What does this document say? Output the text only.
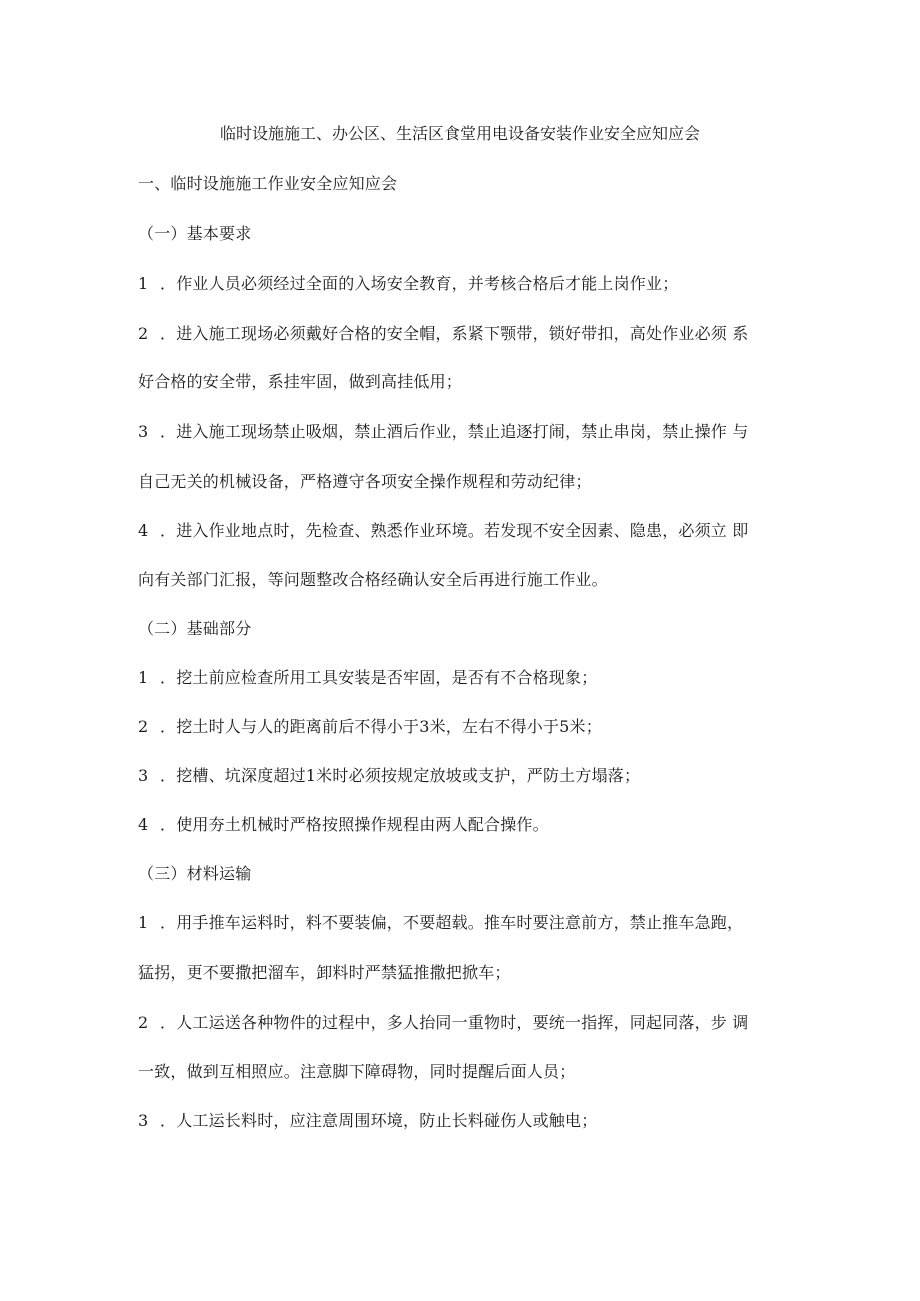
临时设施施工、办公区、生活区食堂用电设备安装作业安全应知应会
一、临时设施施工作业安全应知应会
（一）基本要求
1 ．作业人员必须经过全面的入场安全教育，并考核合格后才能上岗作业；
2 ．进入施工现场必须戴好合格的安全帽，系紧下颚带，锁好带扣，高处作业必须 系
好合格的安全带，系挂牢固，做到高挂低用；
3 ．进入施工现场禁止吸烟，禁止酒后作业，禁止追逐打闹，禁止串岗，禁止操作 与
自己无关的机械设备，严格遵守各项安全操作规程和劳动纪律；
4 ．进入作业地点时，先检查、熟悉作业环境。若发现不安全因素、隐患，必须立 即
向有关部门汇报，等问题整改合格经确认安全后再进行施工作业。
（二）基础部分
1 ．挖土前应检查所用工具安装是否牢固，是否有不合格现象；
2 ．挖土时人与人的距离前后不得小于3米，左右不得小于5米；
3 ．挖槽、坑深度超过1米时必须按规定放坡或支护，严防土方塌落；
4 ．使用夯土机械时严格按照操作规程由两人配合操作。
（三）材料运输
1 ．用手推车运料时，料不要装偏，不要超载。推车时要注意前方，禁止推车急跑，
猛拐，更不要撒把溜车，卸料时严禁猛推撒把掀车；
2 ．人工运送各种物件的过程中，多人抬同一重物时，要统一指挥，同起同落，步 调
一致，做到互相照应。注意脚下障碍物，同时提醒后面人员；
3 ．人工运长料时，应注意周围环境，防止长料碰伤人或触电；
